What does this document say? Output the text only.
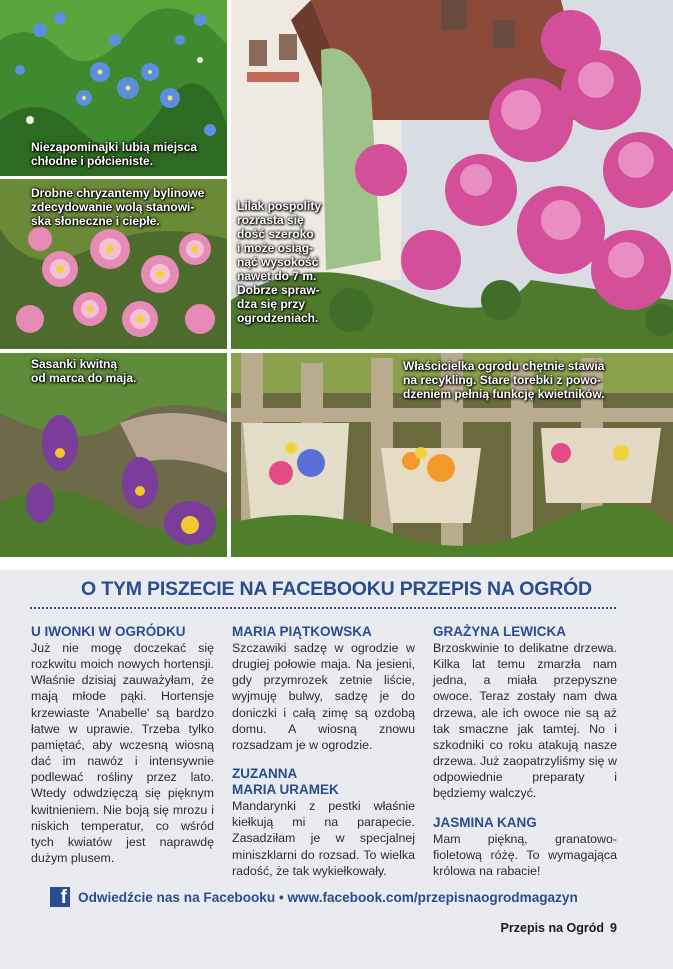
Niezapominajki lubią miejsca
chłodne i półcieniste.
Drobne chryzantemy bylinowe
zdecydowanie wolą stanowi-
ska słoneczne i ciepłe.
Lilak pospolity
rozrasta się
dość szeroko
i może osiąg-
nąć wysokość
nawet do 7 m.
Dobrze spraw-
dza się przy
ogrodzeniach.
Sasanki kwitną
od marca do maja.
Właścicielka ogrodu chętnie stawia
na recykling. Stare torebki z powo-
dzeniem pełnią funkcję kwietników.
O TYM PISZECIE NA FACEBOOKU PRZEPIS NA OGRÓD
U IWONKI W OGRÓDKU

Już nie mogę doczekać się rozkwitu moich nowych hortensji. Właśnie dzisiaj zauważyłam, że mają młode pąki. Hortensje krzewiaste 'Anabelle' są bardzo łatwe w uprawie. Trzeba tylko pamiętać, aby wczesną wiosną dać im nawóz i intensywnie podlewać rośliny przez lato. Wtedy odwdzięczą się pięknym kwitnieniem. Nie boją się mrozu i niskich temperatur, co wśród tych kwiatów jest naprawdę dużym plusem.

MARIA PIĄTKOWSKA

Szczawiki sadzę w ogrodzie w drugiej połowie maja. Na jesieni, gdy przymrozek zetnie liście, wyjmuję bulwy, sadzę je do doniczki i całą zimę są ozdobą domu. A wiosną znowu rozsadzam je w ogrodzie.

ZUZANNA
MARIA URAMEK

Mandarynki z pestki właśnie kiełkują mi na parapecie. Zasadziłam je w specjalnej miniszklarni do rozsad. To wielka radość, że tak wykiełkowały.

GRAŻYNA LEWICKA

Brzoskwinie to delikatne drzewa. Kilka lat temu zmarzła nam jedna, a miała przepyszne owoce. Teraz zostały nam dwa drzewa, ale ich owoce nie są aż tak smaczne jak tamtej. No i szkodniki co roku atakują nasze drzewa. Już zaopatrzyliśmy się w odpowiednie preparaty i będziemy walczyć.

JASMINA KANG

Mam piękną, granatowo-fioletową różę. To wymagająca królowa na rabacie!

f Odwiedźcie nas na Facebooku • www.facebook.com/przepisnaogrodmagazyn
Przepis na Ogród 9
